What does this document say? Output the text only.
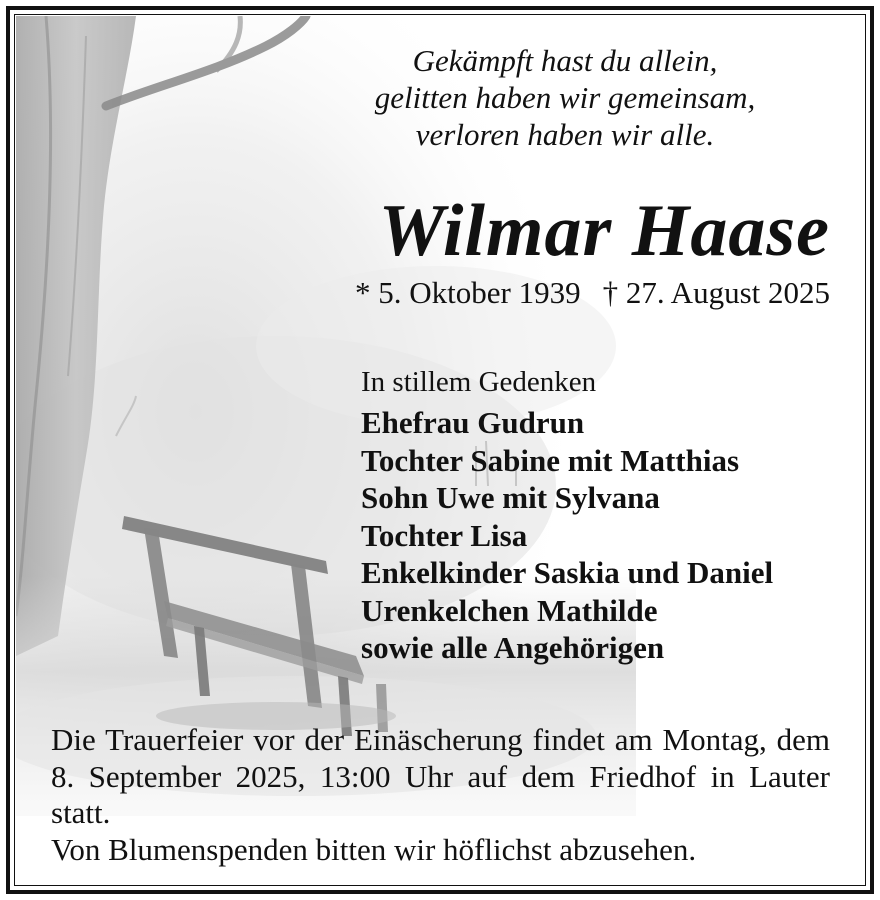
Gekämpft hast du allein,
gelitten haben wir gemeinsam,
verloren haben wir alle.
Wilmar Haase
* 5. Oktober 1939 † 27. August 2025
In stillem Gedenken
Ehefrau Gudrun
Tochter Sabine mit Matthias
Sohn Uwe mit Sylvana
Tochter Lisa
Enkelkinder Saskia und Daniel
Urenkelchen Mathilde
sowie alle Angehörigen
Die Trauerfeier vor der Einäscherung findet am Montag, dem 8. September 2025, 13:00 Uhr auf dem Friedhof in Lauter statt.
Von Blumenspenden bitten wir höflichst abzusehen.
